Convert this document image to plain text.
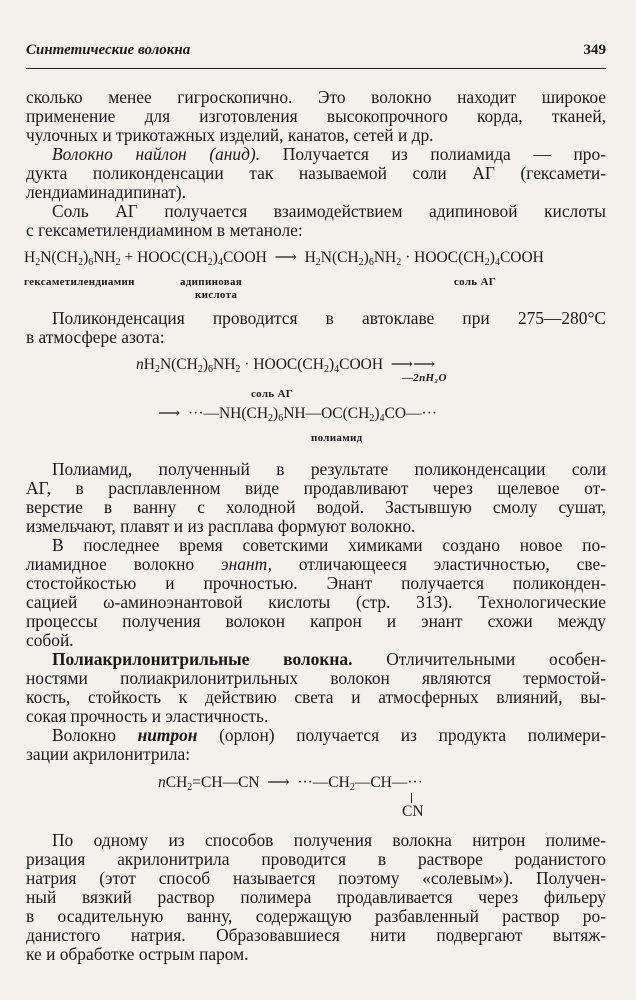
Синтетические волокна	349
сколько менее гигроскопично. Это волокно находит широкое
применение для изготовления высокопрочного корда, тканей,
чулочных и трикотажных изделий, канатов, сетей и др.
Волокно найлон (анид). Получается из полиамида — про-
дукта поликонденсации так называемой соли АГ (гексамети-
лендиаминадипинат).
Соль АГ получается взаимодействием адипиновой кислоты
с гексаметилендиамином в метаноле:
$H_2N(CH_2)_6NH_2$ + $HOOC(CH_2)_4COOH$  ⟶  $H_2N(CH_2)_6NH_2$ · $HOOC(CH_2)_4COOH$
гексаметилендиамин	адипиновая
кислота
соль АГ
Поликонденсация проводится в автоклаве при 275—280°С
в атмосфере азота:
$nH_2N(CH_2)_6NH_2$ · $HOOC(CH_2)_4COOH$  ⟶⟶
—2nH₂O
соль АГ
⟶  $\cdot\cdot\cdot—NH(CH_2)_6NH—OC(CH_2)_4CO—\cdot\cdot\cdot$
полиамид
Полиамид, полученный в результате поликонденсации соли
АГ, в расплавленном виде продавливают через щелевое от-
верстие в ванну с холодной водой. Застывшую смолу сушат,
измельчают, плавят и из расплава формуют волокно.
В последнее время советскими химиками создано новое по-
лиамидное волокно энант, отличающееся эластичностью, све-
стостойкостью и прочностью. Энант получается поликонден-
сацией ω-аминоэнантовой кислоты (стр. 313). Технологические
процессы получения волокон капрон и энант схожи между
собой.
Полиакрилонитрильные волокна. Отличительными особен-
ностями полиакрилонитрильных волокон являются термостой-
кость, стойкость к действию света и атмосферных влияний, вы-
сокая прочность и эластичность.
Волокно нитрон (орлон) получается из продукта полимери-
зации акрилонитрила:
nCH$_2$=CH—CN  ⟶  $\cdot\cdot\cdot—CH_2—CH—\cdot\cdot\cdot$
CN
По одному из способов получения волокна нитрон полиме-
ризация акрилонитрила проводится в растворе роданистого
натрия (этот способ называется поэтому «солевым»). Получен-
ный вязкий раствор полимера продавливается через фильеру
в осадительную ванну, содержащую разбавленный раствор ро-
данистого натрия. Образовавшиеся нити подвергают вытяж-
ке и обработке острым паром.
